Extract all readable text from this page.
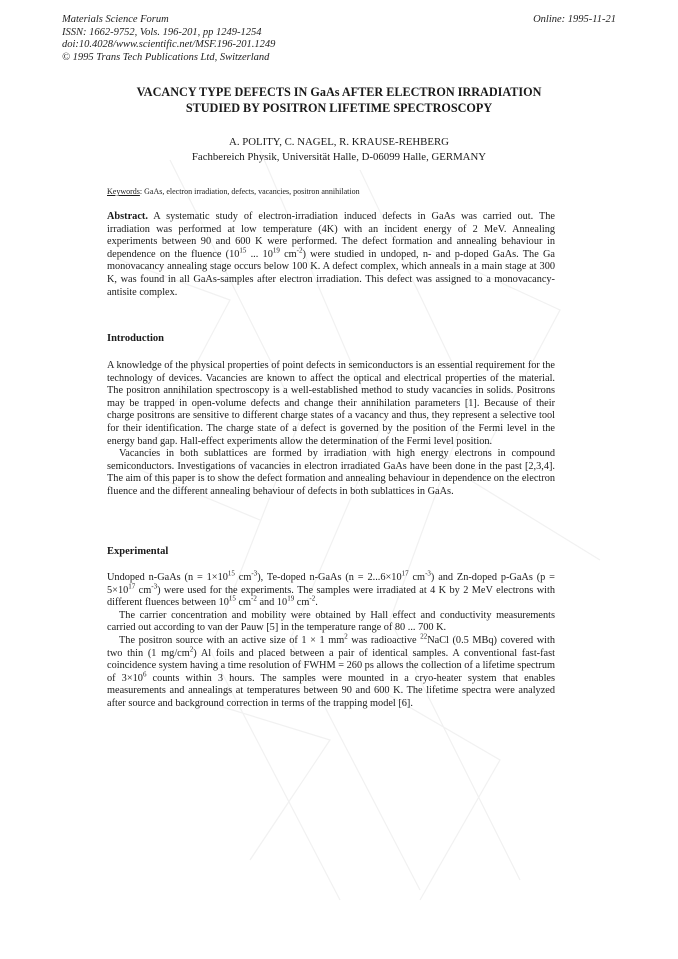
Materials Science Forum
ISSN: 1662-9752, Vols. 196-201, pp 1249-1254
doi:10.4028/www.scientific.net/MSF.196-201.1249
© 1995 Trans Tech Publications Ltd, Switzerland
Online: 1995-11-21
VACANCY TYPE DEFECTS IN GaAs AFTER ELECTRON IRRADIATION
STUDIED BY POSITRON LIFETIME SPECTROSCOPY
A. POLITY, C. NAGEL, R. KRAUSE-REHBERG
Fachbereich Physik, Universität Halle, D-06099 Halle, GERMANY
Keywords: GaAs, electron irradiation, defects, vacancies, positron annihilation

Abstract. A systematic study of electron-irradiation induced defects in GaAs was carried out. The irradiation was performed at low temperature (4K) with an incident energy of 2 MeV. Annealing experiments between 90 and 600 K were performed. The defect formation and annealing behaviour in dependence on the fluence ($10^{15}$ ... $10^{19}$ $cm^{-2}$) were studied in undoped, n- and p-doped GaAs. The Ga monovacancy annealing stage occurs below 100 K. A defect complex, which anneals in a main stage at 300 K, was found in all GaAs-samples after electron irradiation. This defect was assigned to a monovacancy-antisite complex.

Introduction

A knowledge of the physical properties of point defects in semiconductors is an essential requirement for the technology of devices. Vacancies are known to affect the optical and electrical properties of the material. The positron annihilation spectroscopy is a well-established method to study vacancies in solids. Positrons may be trapped in open-volume defects and change their annihilation parameters [1]. Because of their charge positrons are sensitive to different charge states of a vacancy and thus, they represent a selective tool for their identification. The charge state of a defect is governed by the position of the Fermi level in the energy band gap. Hall-effect experiments allow the determination of the Fermi level position.

Vacancies in both sublattices are formed by irradiation with high energy electrons in compound semiconductors. Investigations of vacancies in electron irradiated GaAs have been done in the past [2,3,4]. The aim of this paper is to show the defect formation and annealing behaviour in dependence on the electron fluence and the different annealing behaviour of defects in both sublattices in GaAs.

Experimental

Undoped n-GaAs ($n = 1\times 10^{15}$ $cm^{-3}$), Te-doped n-GaAs ($n = 2...6\times 10^{17}$ $cm^{-3}$) and Zn-doped p-GaAs ($p = 5\times 10^{17}$ $cm^{-3}$) were used for the experiments. The samples were irradiated at 4 K by 2 MeV electrons with different fluences between $10^{15}$ $cm^{-2}$ and $10^{19}$ $cm^{-2}$.

The carrier concentration and mobility were obtained by Hall effect and conductivity measurements carried out according to van der Pauw [5] in the temperature range of 80 ... 700 K.

The positron source with an active size of 1 × 1 $mm^2$ was radioactive $^{22}$NaCl (0.5 MBq) covered with two thin (1 $mg/cm^2$) Al foils and placed between a pair of identical samples. A conventional fast-fast coincidence system having a time resolution of FWHM = 260 ps allows the collection of a lifetime spectrum of $3\times 10^6$ counts within 3 hours. The samples were mounted in a cryo-heater system that enables measurements and annealings at temperatures between 90 and 600 K. The lifetime spectra were analyzed after source and background correction in terms of the trapping model [6].
